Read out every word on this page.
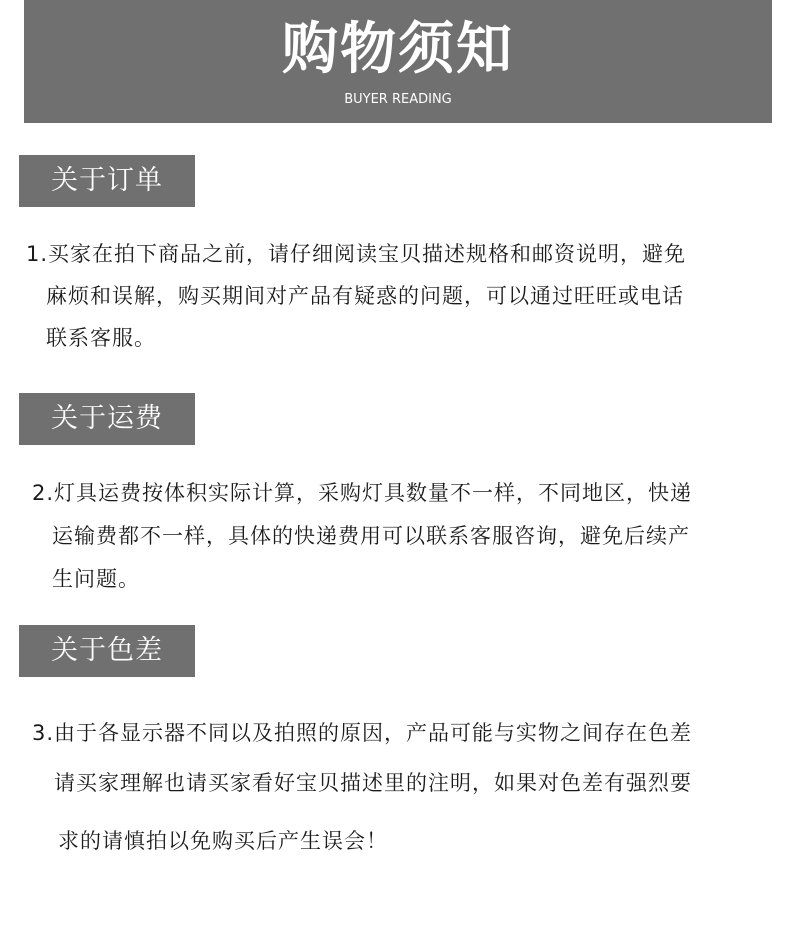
购物须知
BUYER READING
关于订单
1.买家在拍下商品之前，请仔细阅读宝贝描述规格和邮资说明，避免
麻烦和误解，购买期间对产品有疑惑的问题，可以通过旺旺或电话
联系客服。
关于运费
2.灯具运费按体积实际计算，采购灯具数量不一样，不同地区，快递
运输费都不一样，具体的快递费用可以联系客服咨询，避免后续产
生问题。
关于色差
3.由于各显示器不同以及拍照的原因，产品可能与实物之间存在色差
请买家理解也请买家看好宝贝描述里的注明，如果对色差有强烈要
求的请慎拍以免购买后产生误会！
